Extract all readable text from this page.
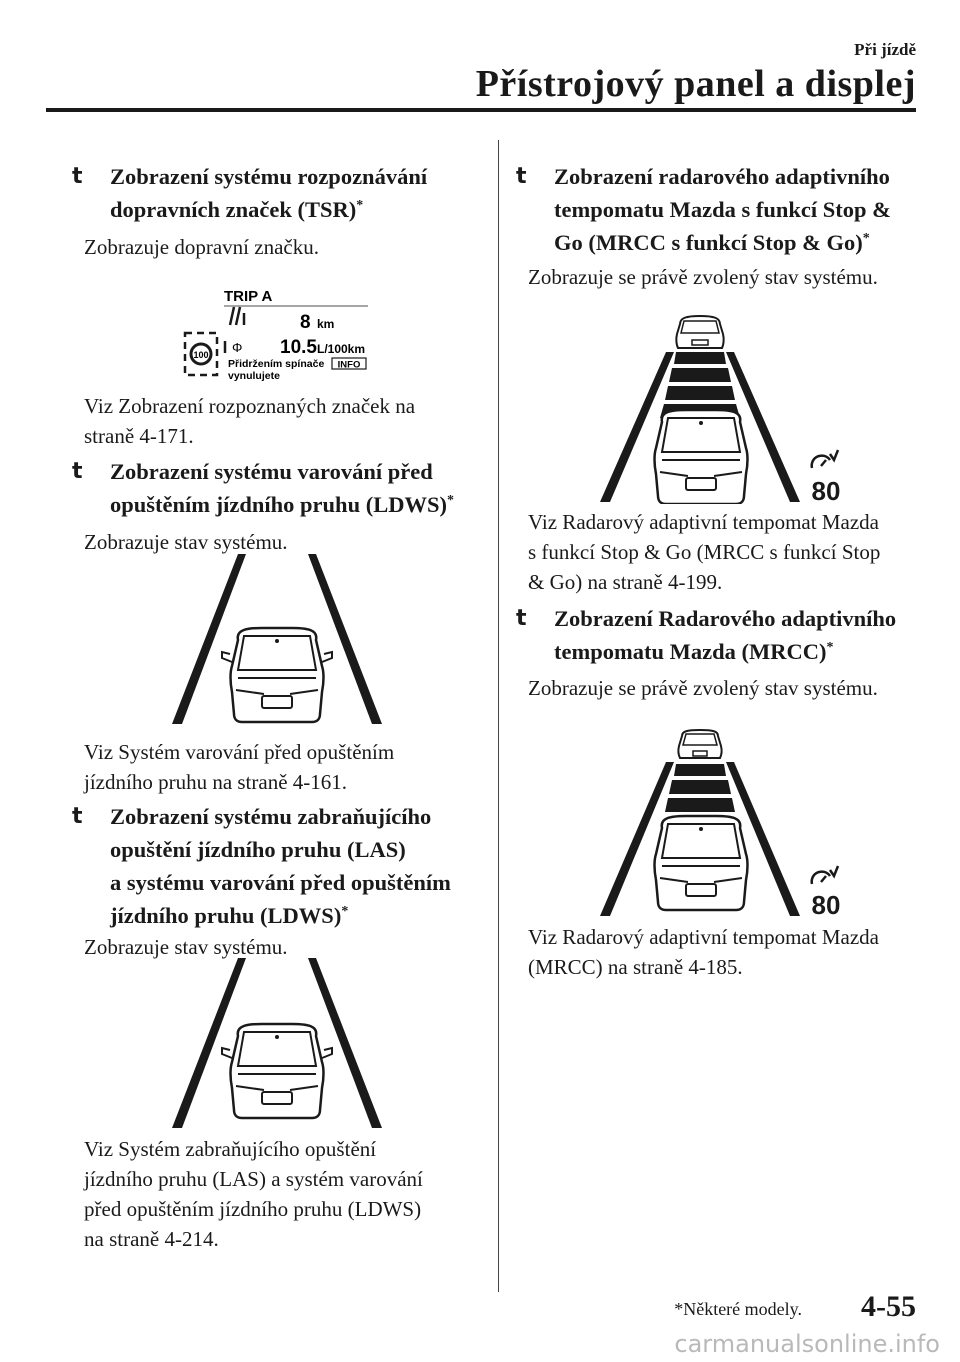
Při jízdě
Přístrojový panel a displej
t	Zobrazení systému rozpoznávání
dopravních značek (TSR)*
Zobrazuje dopravní značku.
TRIP A
8 km
100 Φ 10.5 L/100km
Přidržením spínače INFO
vynulujete
Viz Zobrazení rozpoznaných značek na
straně 4-171.
t	Zobrazení systému varování před
opuštěním jízdního pruhu (LDWS)*
Zobrazuje stav systému.
Viz Systém varování před opuštěním
jízdního pruhu na straně 4-161.
t	Zobrazení systému zabraňujícího
opuštění jízdního pruhu (LAS)
a systému varování před opuštěním
jízdního pruhu (LDWS)*
Zobrazuje stav systému.
Viz Systém zabraňujícího opuštění
jízdního pruhu (LAS) a systém varování
před opuštěním jízdního pruhu (LDWS)
na straně 4-214.
t	Zobrazení radarového adaptivního
tempomatu Mazda s funkcí Stop &
Go (MRCC s funkcí Stop & Go)*
Zobrazuje se právě zvolený stav systému.
80
Viz Radarový adaptivní tempomat Mazda
s funkcí Stop & Go (MRCC s funkcí Stop
& Go) na straně 4-199.
t	Zobrazení Radarového adaptivního
tempomatu Mazda (MRCC)*
Zobrazuje se právě zvolený stav systému.
80
Viz Radarový adaptivní tempomat Mazda
(MRCC) na straně 4-185.
*Některé modely. 4-55
carmanualsonline.info
